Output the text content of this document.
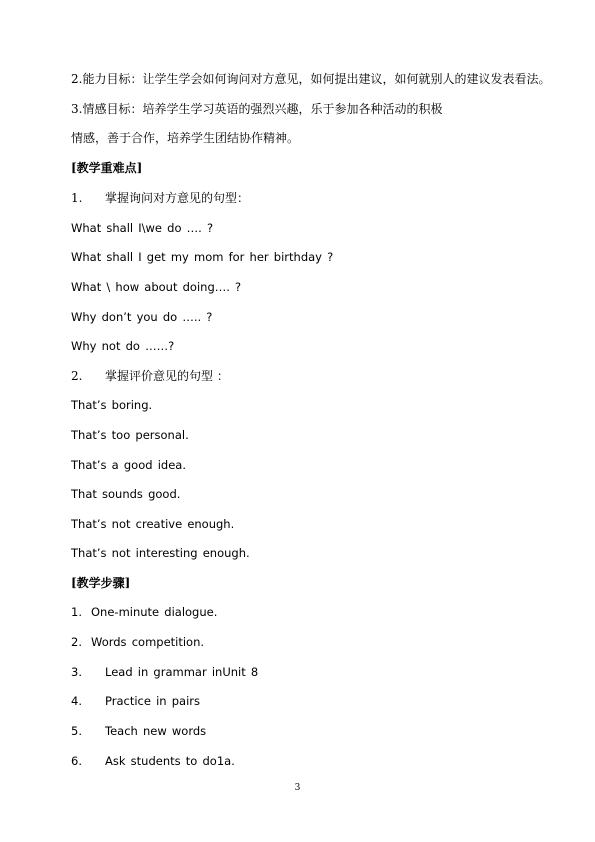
2.能力目标：让学生学会如何询问对方意见，如何提出建议，如何就别人的建议发表看法。
3.情感目标：培养学生学习英语的强烈兴趣，乐于参加各种活动的积极
情感，善于合作，培养学生团结协作精神。
[教学重难点]
1. 掌握询问对方意见的句型：
What shall I\we do …. ?
What shall I get my mom for her birthday ?
What \ how about doing…. ?
Why don’t you do ….. ?
Why not do ……?
2. 掌握评价意见的句型 ：
That’s boring.
That’s too personal.
That’s a good idea.
That sounds good.
That’s not creative enough.
That’s not interesting enough.
[教学步骤]
1. One-minute dialogue.
2. Words competition.
3. Lead in grammar inUnit 8
4. Practice in pairs
5. Teach new words
6. Ask students to do1a.
3
